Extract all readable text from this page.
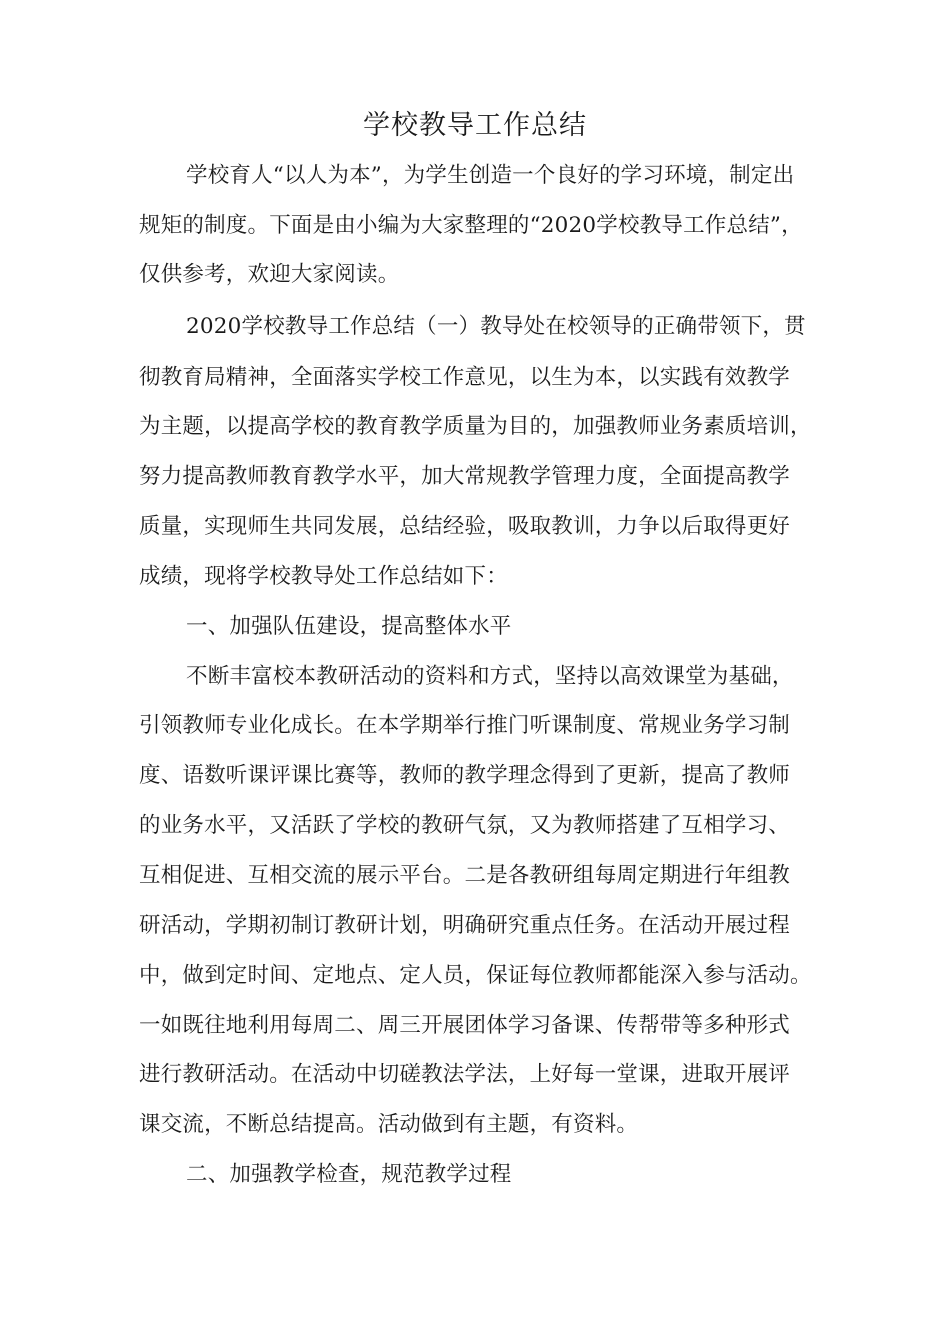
学校教导工作总结
学校育人“以人为本”，为学生创造一个良好的学习环境，制定出
规矩的制度。下面是由小编为大家整理的“2020学校教导工作总结”，
仅供参考，欢迎大家阅读。
2020学校教导工作总结（一）教导处在校领导的正确带领下，贯
彻教育局精神，全面落实学校工作意见，以生为本，以实践有效教学
为主题，以提高学校的教育教学质量为目的，加强教师业务素质培训，
努力提高教师教育教学水平，加大常规教学管理力度，全面提高教学
质量，实现师生共同发展，总结经验，吸取教训，力争以后取得更好
成绩，现将学校教导处工作总结如下：
一、加强队伍建设，提高整体水平
不断丰富校本教研活动的资料和方式，坚持以高效课堂为基础，
引领教师专业化成长。在本学期举行推门听课制度、常规业务学习制
度、语数听课评课比赛等，教师的教学理念得到了更新，提高了教师
的业务水平，又活跃了学校的教研气氛，又为教师搭建了互相学习、
互相促进、互相交流的展示平台。二是各教研组每周定期进行年组教
研活动，学期初制订教研计划，明确研究重点任务。在活动开展过程
中，做到定时间、定地点、定人员，保证每位教师都能深入参与活动。
一如既往地利用每周二、周三开展团体学习备课、传帮带等多种形式
进行教研活动。在活动中切磋教法学法，上好每一堂课，进取开展评
课交流，不断总结提高。活动做到有主题，有资料。
二、加强教学检查，规范教学过程
